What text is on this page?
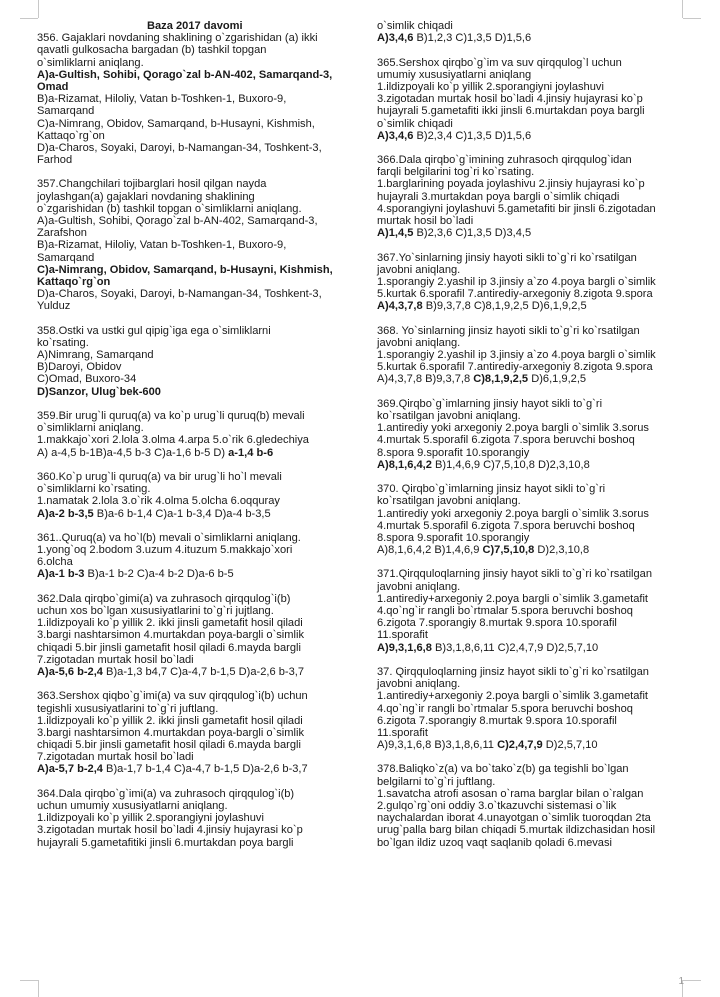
Baza 2017 davomi
356. Gajaklari novdaning shaklining o`zgarishidan (a) ikki
qavatli gulkosacha bargadan (b) tashkil topgan
o`simliklarni aniqlang.
A)a-Gultish, Sohibi, Qorago`zal b-AN-402, Samarqand-3,
Omad
B)a-Rizamat, Hiloliy, Vatan b-Toshken-1, Buxoro-9,
Samarqand
C)a-Nimrang, Obidov, Samarqand, b-Husayni, Kishmish,
Kattaqo`rg`on
D)a-Charos, Soyaki, Daroyi, b-Namangan-34, Toshkent-3,
Farhod
357.Changchilari tojibarglari hosil qilgan nayda
joylashgan(a) gajaklari novdaning shaklining
o`zgarishidan (b) tashkil topgan o`simliklarni aniqlang.
A)a-Gultish, Sohibi, Qorago`zal b-AN-402, Samarqand-3,
Zarafshon
B)a-Rizamat, Hiloliy, Vatan b-Toshken-1, Buxoro-9,
Samarqand
C)a-Nimrang, Obidov, Samarqand, b-Husayni, Kishmish,
Kattaqo`rg`on
D)a-Charos, Soyaki, Daroyi, b-Namangan-34, Toshkent-3,
Yulduz
358.Ostki va ustki gul qipig`iga ega o`simliklarni
ko`rsating.
A)Nimrang, Samarqand
B)Daroyi, Obidov
C)Omad, Buxoro-34
D)Sanzor, Ulug`bek-600
359.Bir urug`li quruq(a) va ko`p urug`li quruq(b) mevali
o`simliklarni aniqlang.
1.makkajo`xori 2.lola 3.olma 4.arpa 5.o`rik 6.gledechiya
A) a-4,5 b-1B)a-4,5 b-3 C)a-1,6 b-5 D) a-1,4 b-6
360.Ko`p urug`li quruq(a) va bir urug`li ho`l mevali
o`simliklarni ko`rsating.
1.namatak 2.lola 3.o`rik 4.olma 5.olcha 6.oqquray
A)a-2 b-3,5 B)a-6 b-1,4 C)a-1 b-3,4 D)a-4 b-3,5
361..Quruq(a) va ho`l(b) mevali o`simliklarni aniqlang.
1.yong`oq 2.bodom 3.uzum 4.ituzum 5.makkajo`xori
6.olcha
A)a-1 b-3 B)a-1 b-2 C)a-4 b-2 D)a-6 b-5
362.Dala qirqbo`gimi(a) va zuhrasoch qirqqulog`i(b)
uchun xos bo`lgan xususiyatlarini to`g`ri jujtlang.
1.ildizpoyali ko`p yillik 2. ikki jinsli gametafit hosil qiladi
3.bargi nashtarsimon 4.murtakdan poya-bargli o`simlik
chiqadi 5.bir jinsli gametafit hosil qiladi 6.mayda bargli
7.zigotadan murtak hosil bo`ladi
A)a-5,6 b-2,4 B)a-1,3 b4,7 C)a-4,7 b-1,5 D)a-2,6 b-3,7
363.Sershox qiqbo`g`imi(a) va suv qirqqulog`i(b) uchun
tegishli xususiyatlarini to`g`ri juftlang.
1.ildizpoyali ko`p yillik 2. ikki jinsli gametafit hosil qiladi
3.bargi nashtarsimon 4.murtakdan poya-bargli o`simlik
chiqadi 5.bir jinsli gametafit hosil qiladi 6.mayda bargli
7.zigotadan murtak hosil bo`ladi
A)a-5,7 b-2,4 B)a-1,7 b-1,4 C)a-4,7 b-1,5 D)a-2,6 b-3,7
364.Dala qirqbo`g`imi(a) va zuhrasoch qirqqulog`i(b)
uchun umumiy xususiyatlarni aniqlang.
1.ildizpoyali ko`p yillik 2.sporangiyni joylashuvi
3.zigotadan murtak hosil bo`ladi 4.jinsiy hujayrasi ko`p
hujayrali 5.gametafitiki jinsli 6.murtakdan poya bargli
o`simlik chiqadi
A)3,4,6 B)1,2,3 C)1,3,5 D)1,5,6
365.Sershox qirqbo`g`im va suv qirqqulog`l uchun
umumiy xususiyatlarni aniqlang
1.ildizpoyali ko`p yillik 2.sporangiyni joylashuvi
3.zigotadan murtak hosil bo`ladi 4.jinsiy hujayrasi ko`p
hujayrali 5.gametafiti ikki jinsli 6.murtakdan poya bargli
o`simlik chiqadi
A)3,4,6 B)2,3,4 C)1,3,5 D)1,5,6
366.Dala qirqbo`g`imining zuhrasoch qirqqulog`idan
farqli belgilarini tog`ri ko`rsating.
1.barglarining poyada joylashivu 2.jinsiy hujayrasi ko`p
hujayrali 3.murtakdan poya bargli o`simlik chiqadi
4.sporangiyni joylashuvi 5.gametafiti bir jinsli 6.zigotadan
murtak hosil bo`ladi
A)1,4,5 B)2,3,6 C)1,3,5 D)3,4,5
367.Yo`sinlarning jinsiy hayoti sikli to`g`ri ko`rsatilgan
javobni aniqlang.
1.sporangiy 2.yashil ip 3.jinsiy a`zo 4.poya bargli o`simlik
5.kurtak 6.sporafil 7.antirediy-arxegoniy 8.zigota 9.spora
A)4,3,7,8 B)9,3,7,8 C)8,1,9,2,5 D)6,1,9,2,5
368. Yo`sinlarning jinsiz hayoti sikli to`g`ri ko`rsatilgan
javobni aniqlang.
1.sporangiy 2.yashil ip 3.jinsiy a`zo 4.poya bargli o`simlik
5.kurtak 6.sporafil 7.antirediy-arxegoniy 8.zigota 9.spora
A)4,3,7,8 B)9,3,7,8 C)8,1,9,2,5 D)6,1,9,2,5
369.Qirqbo`g`imlarning jinsiy hayot sikli to`g`ri
ko`rsatilgan javobni aniqlang.
1.antirediy yoki arxegoniy 2.poya bargli o`simlik 3.sorus
4.murtak 5.sporafil 6.zigota 7.spora beruvchi boshoq
8.spora 9.sporafit 10.sporangiy
A)8,1,6,4,2 B)1,4,6,9 C)7,5,10,8 D)2,3,10,8
370. Qirqbo`g`imlarning jinsiz hayot sikli to`g`ri
ko`rsatilgan javobni aniqlang.
1.antirediy yoki arxegoniy 2.poya bargli o`simlik 3.sorus
4.murtak 5.sporafil 6.zigota 7.spora beruvchi boshoq
8.spora 9.sporafit 10.sporangiy
A)8,1,6,4,2 B)1,4,6,9 C)7,5,10,8 D)2,3,10,8
371.Qirqquloqlarning jinsiy hayot sikli to`g`ri ko`rsatilgan
javobni aniqlang.
1.antirediy+arxegoniy 2.poya bargli o`simlik 3.gametafit
4.qo`ng`ir rangli bo`rtmalar 5.spora beruvchi boshoq
6.zigota 7.sporangiy 8.murtak 9.spora 10.sporafil
11.sporafit
A)9,3,1,6,8 B)3,1,8,6,11 C)2,4,7,9 D)2,5,7,10
37. Qirqquloqlarning jinsiz hayot sikli to`g`ri ko`rsatilgan
javobni aniqlang.
1.antirediy+arxegoniy 2.poya bargli o`simlik 3.gametafit
4.qo`ng`ir rangli bo`rtmalar 5.spora beruvchi boshoq
6.zigota 7.sporangiy 8.murtak 9.spora 10.sporafil
11.sporafit
A)9,3,1,6,8 B)3,1,8,6,11 C)2,4,7,9 D)2,5,7,10
378.Baliqko`z(a) va bo`tako`z(b) ga tegishli bo`lgan
belgilarni to`g`ri juftlang.
1.savatcha atrofi asosan o`rama barglar bilan o`ralgan
2.gulqo`rg`oni oddiy 3.o`tkazuvchi sistemasi o`lik
naychalardan iborat 4.unayotgan o`simlik tuoroqdan 2ta
urug`palla barg bilan chiqadi 5.murtak ildizchasidan hosil
bo`lgan ildiz uzoq vaqt saqlanib qoladi 6.mevasi
1
